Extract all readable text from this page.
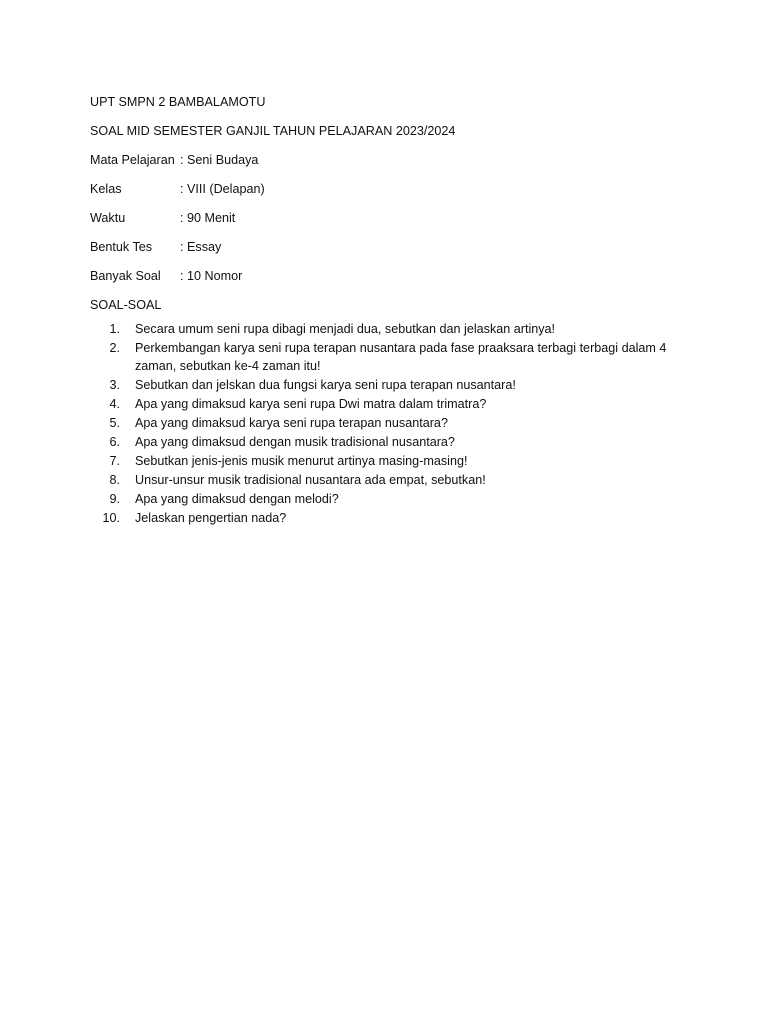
UPT SMPN 2 BAMBALAMOTU
SOAL MID SEMESTER GANJIL TAHUN PELAJARAN 2023/2024
Mata Pelajaran : Seni Budaya
Kelas	: VIII (Delapan)
Waktu	: 90 Menit
Bentuk Tes	: Essay
Banyak Soal	: 10 Nomor
SOAL-SOAL
1.	Secara umum seni rupa dibagi menjadi dua, sebutkan dan jelaskan artinya!
2.	Perkembangan karya seni rupa terapan nusantara pada fase praaksara terbagi terbagi dalam 4 zaman, sebutkan ke-4 zaman itu!
3.	Sebutkan dan jelskan dua fungsi karya seni rupa terapan nusantara!
4.	Apa yang dimaksud karya seni rupa Dwi matra dalam trimatra?
5.	Apa yang dimaksud karya seni rupa terapan nusantara?
6.	Apa yang dimaksud dengan musik tradisional nusantara?
7.	Sebutkan jenis-jenis musik menurut artinya masing-masing!
8.	Unsur-unsur musik tradisional nusantara ada empat, sebutkan!
9.	Apa yang dimaksud dengan melodi?
10.	Jelaskan pengertian nada?
